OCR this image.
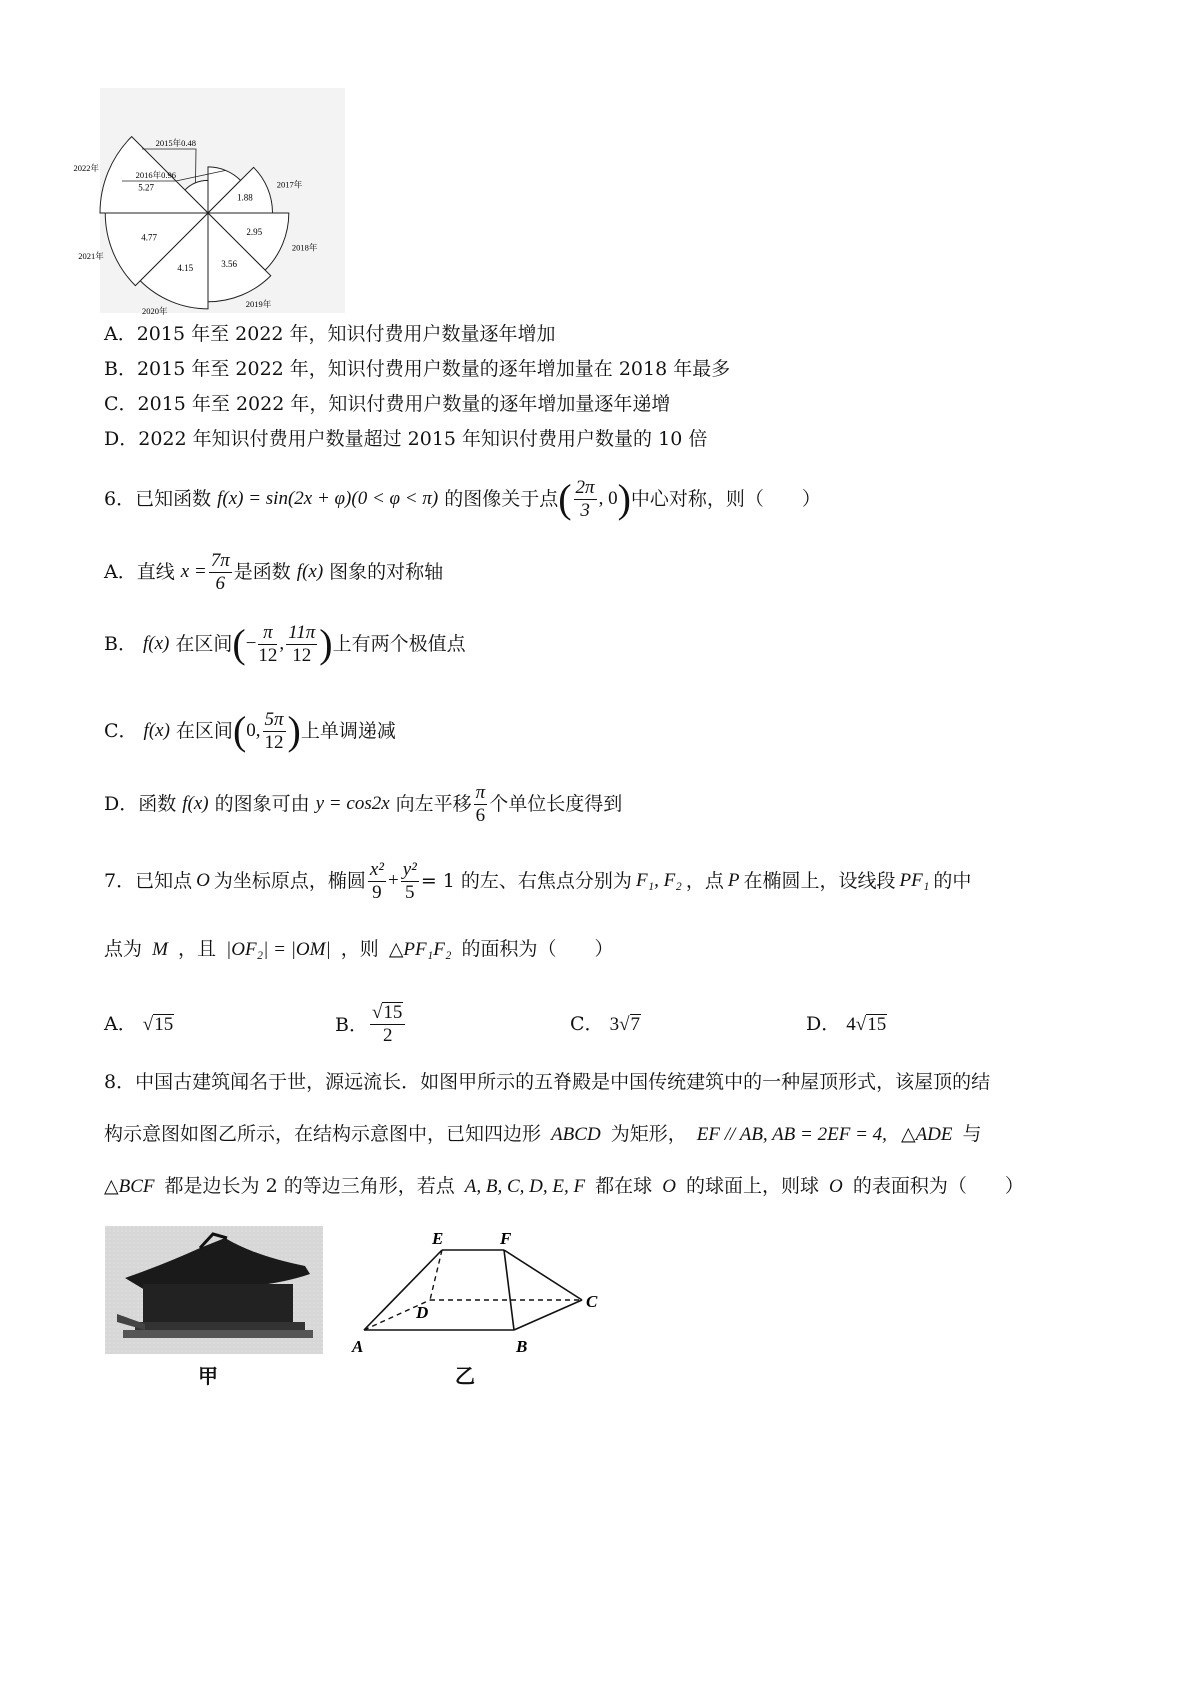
2015年0.48
2016年0.96
1.88
2017年
2.95
2018年
3.56
2019年
4.15
2020年
4.77
2021年
5.27
2022年
A．2015 年至 2022 年，知识付费用户数量逐年增加
B．2015 年至 2022 年，知识付费用户数量的逐年增加量在 2018 年最多
C．2015 年至 2022 年，知识付费用户数量的逐年增加量逐年递增
D．2022 年知识付费用户数量超过 2015 年知识付费用户数量的 10 倍
6．已知函数 f(x) = sin(2x + φ)(0 < φ < π) 的图像关于点 ( $\frac{2\pi}{3}$ , 0 ) 中心对称，则（　　）
A．直线 $x = \frac{7\pi}{6}$ 是函数 f(x) 图象的对称轴
B． f(x) 在区间 ( − $\frac{\pi}{12}$ , $\frac{11\pi}{12}$ ) 上有两个极值点
C． f(x) 在区间 ( 0, $\frac{5\pi}{12}$ ) 上单调递减
D．函数 f(x) 的图象可由 y = cos2x 向左平移 $\frac{\pi}{6}$ 个单位长度得到
7．已知点 O 为坐标原点，椭圆 $\frac{\text{x²}}{9} + \frac{\text{y²}}{5} = 1$ 的左、右焦点分别为 F₁, F₂ ，点 P 在椭圆上，设线段 PF₁ 的中
点为 M ，且 |OF₂| = |OM| ，则 △PF₁F₂ 的面积为（　　）
A． √15	B． $\frac{√15}{2}$	C． 3√7	D． 4√15
8．中国古建筑闻名于世，源远流长．如图甲所示的五脊殿是中国传统建筑中的一种屋顶形式，该屋顶的结
构示意图如图乙所示，在结构示意图中，已知四边形 ABCD 为矩形， EF // AB, AB = 2EF = 4, △ADE 与
△BCF 都是边长为 2 的等边三角形，若点 A, B, C, D, E, F 都在球 O 的球面上，则球 O 的表面积为（　　）
甲
E	F
D
C
A	B
乙
